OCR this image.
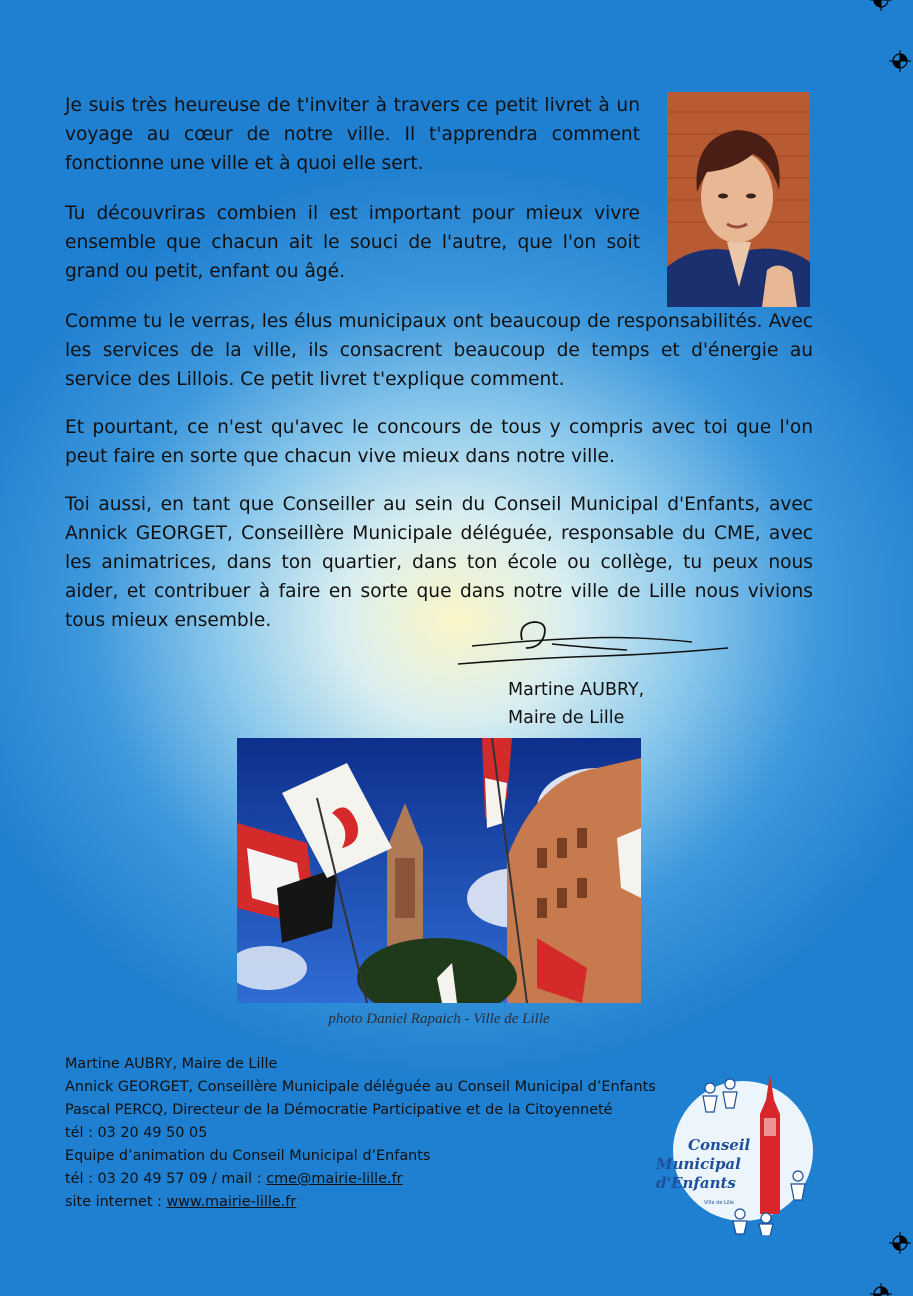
Je suis très heureuse de t'inviter à travers ce petit livret à un voyage au cœur de notre ville. Il t'apprendra comment fonctionne une ville et à quoi elle sert.

Tu découvriras combien il est important pour mieux vivre ensemble que chacun ait le souci de l'autre, que l'on soit grand ou petit, enfant ou âgé.

Comme tu le verras, les élus municipaux ont beaucoup de responsabilités. Avec les services de la ville, ils consacrent beaucoup de temps et d'énergie au service des Lillois. Ce petit livret t'explique comment.

Et pourtant, ce n'est qu'avec le concours de tous y compris avec toi que l'on peut faire en sorte que chacun vive mieux dans notre ville.

Toi aussi, en tant que Conseiller au sein du Conseil Municipal d'Enfants, avec Annick GEORGET, Conseillère Municipale déléguée, responsable du CME, avec les animatrices, dans ton quartier, dans ton école ou collège, tu peux nous aider, et contribuer à faire en sorte que dans notre ville de Lille nous vivions tous mieux ensemble.

Martine AUBRY,
Maire de Lille
photo Daniel Rapaich - Ville de Lille
Martine AUBRY, Maire de Lille
Annick GEORGET, Conseillère Municipale déléguée au Conseil Municipal d’Enfants
Pascal PERCQ, Directeur de la Démocratie Participative et de la Citoyenneté
tél : 03 20 49 50 05
Equipe d’animation du Conseil Municipal d’Enfants
tél : 03 20 49 57 09 / mail : cme@mairie-lille.fr
site internet : www.mairie-lille.fr
Conseil
Municipal
d'Enfants
Ville de Lille
